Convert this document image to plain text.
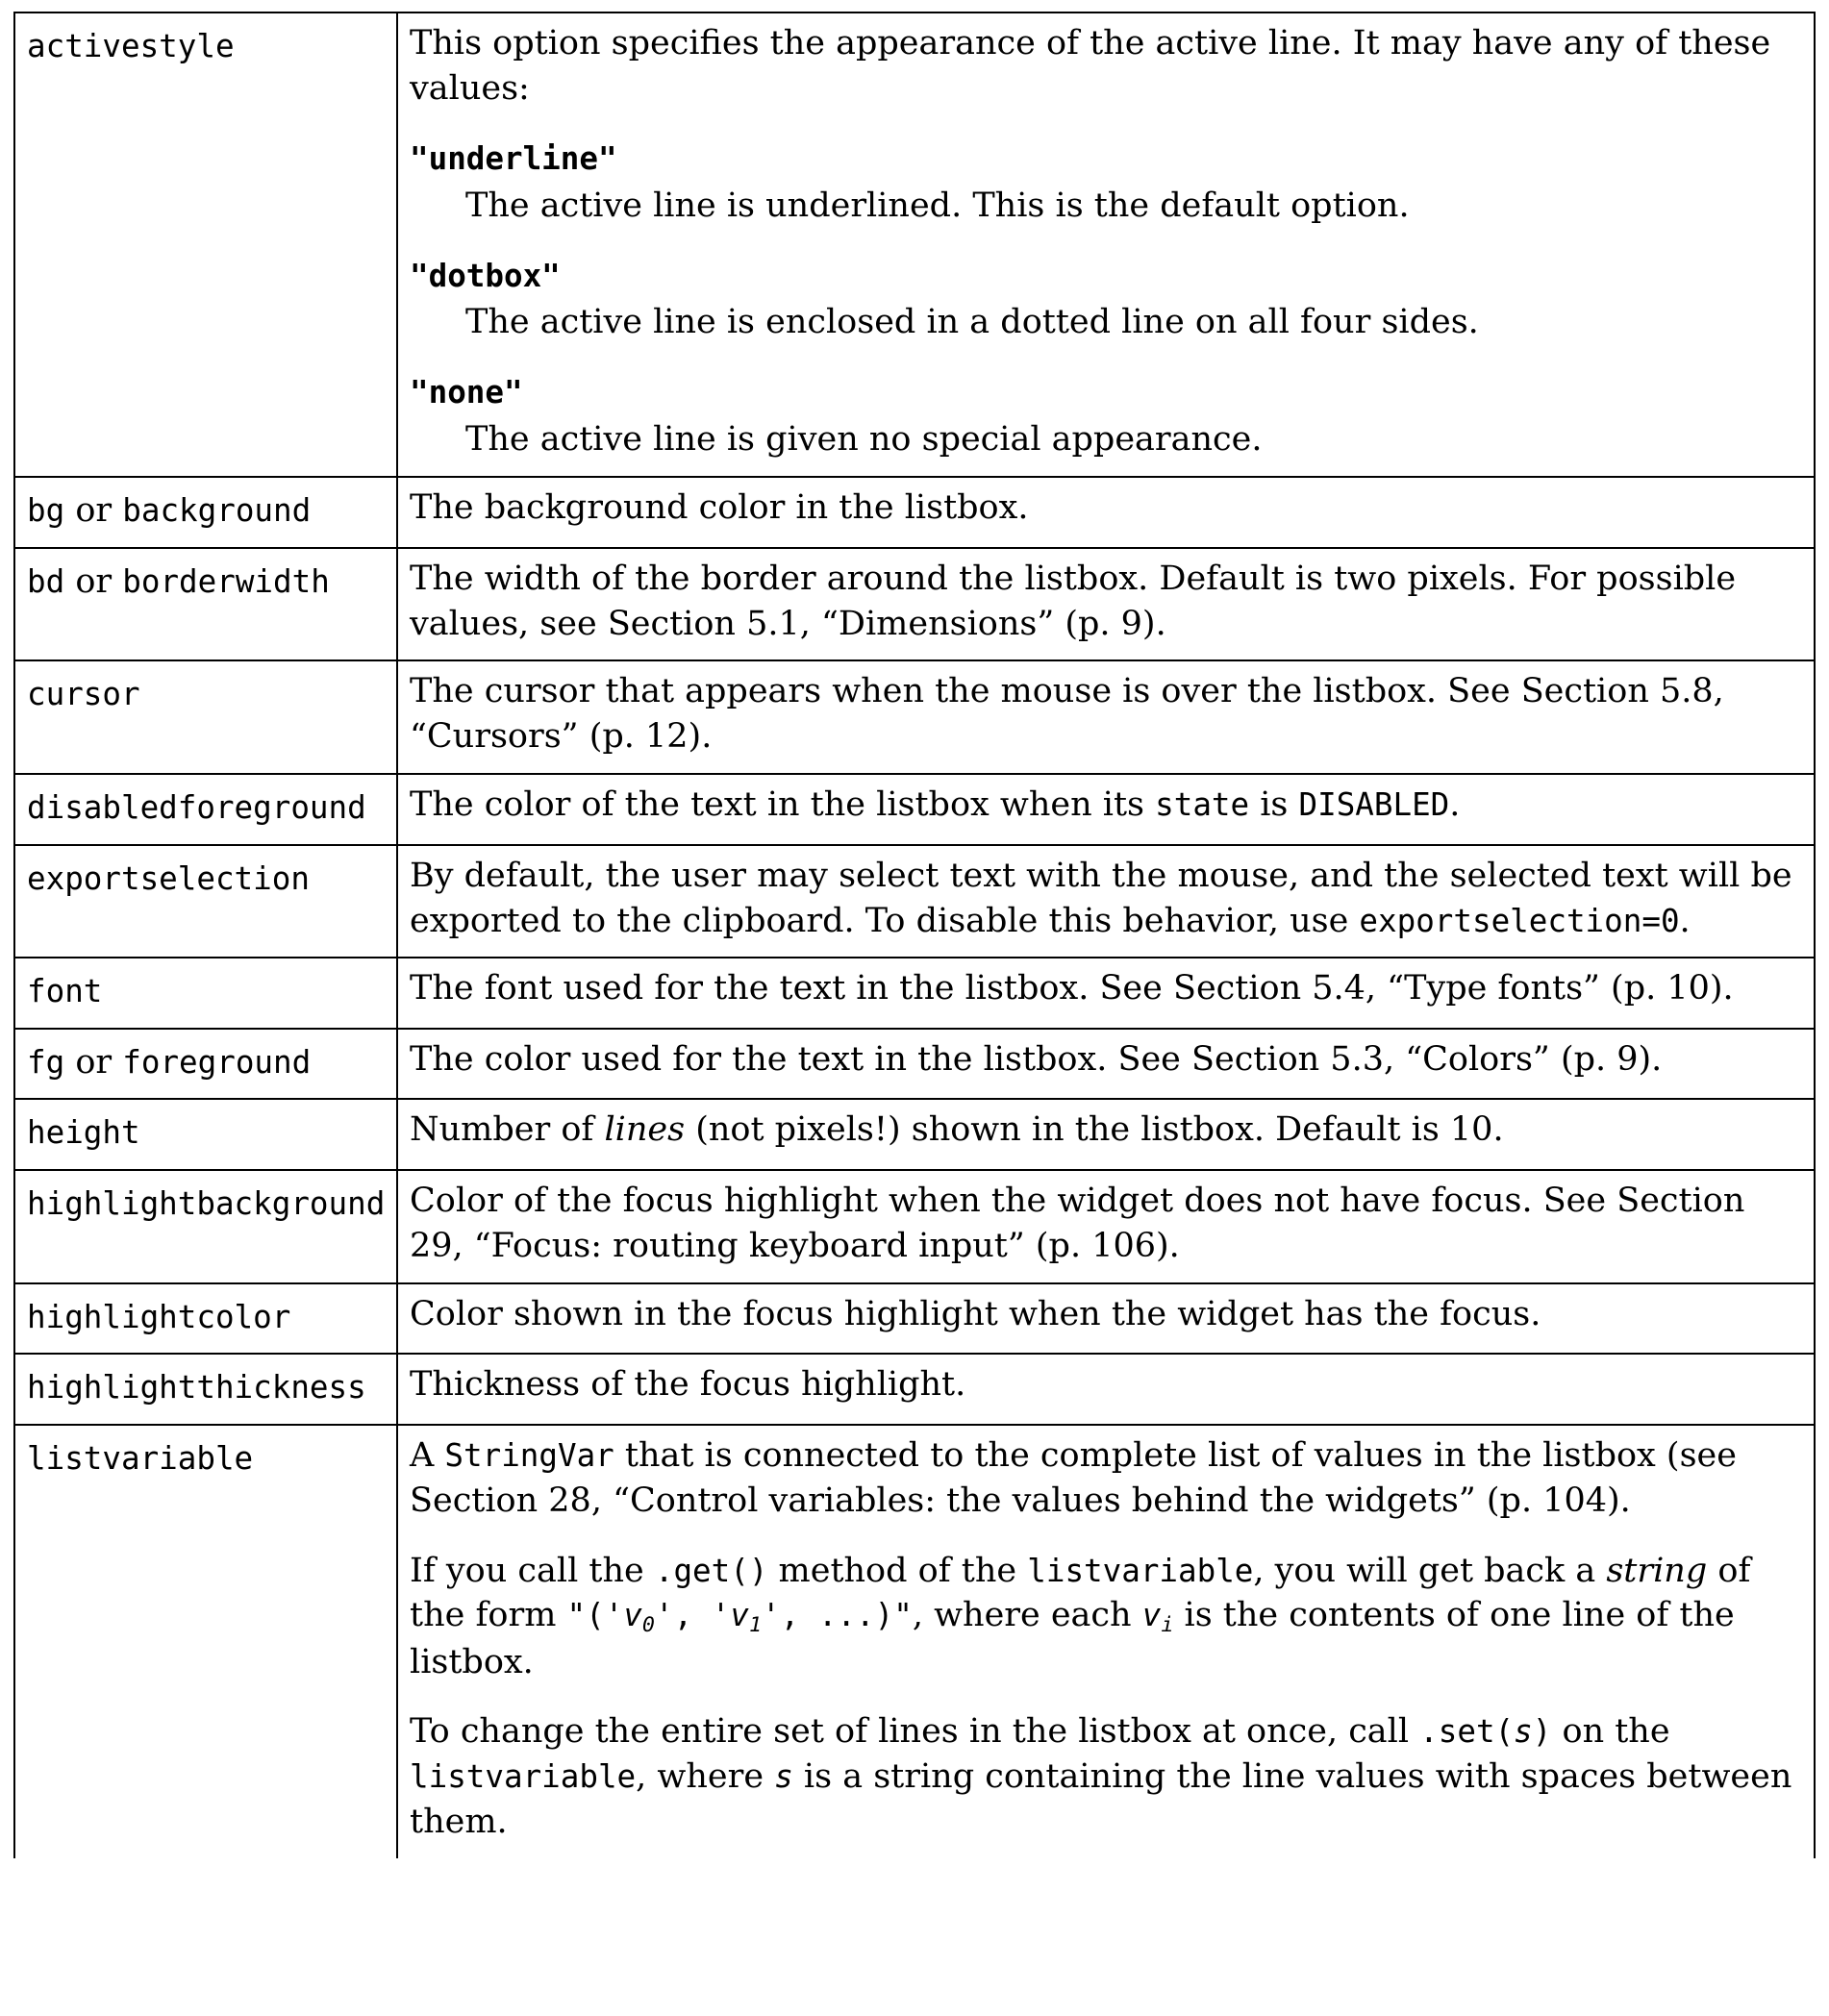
activestyle	This option specifies the appearance of the active line. It may have any of these values:
"underline"
The active line is underlined. This is the default option.
"dotbox"
The active line is enclosed in a dotted line on all four sides.
"none"
The active line is given no special appearance.

bg or background	The background color in the listbox.

bd or borderwidth	The width of the border around the listbox. Default is two pixels. For possible values, see Section 5.1, “Dimensions” (p. 9).

cursor	The cursor that appears when the mouse is over the listbox. See Section 5.8, “Cursors” (p. 12).

disabledforeground	The color of the text in the listbox when its state is DISABLED.

exportselection	By default, the user may select text with the mouse, and the selected text will be exported to the clipboard. To disable this behavior, use exportselection=0.

font	The font used for the text in the listbox. See Section 5.4, “Type fonts” (p. 10).

fg or foreground	The color used for the text in the listbox. See Section 5.3, “Colors” (p. 9).

height	Number of lines (not pixels!) shown in the listbox. Default is 10.

highlightbackground	Color of the focus highlight when the widget does not have focus. See Section 29, “Focus: routing keyboard input” (p. 106).

highlightcolor	Color shown in the focus highlight when the widget has the focus.

highlightthickness	Thickness of the focus highlight.

listvariable	A StringVar that is connected to the complete list of values in the listbox (see Section 28, “Control variables: the values behind the widgets” (p. 104).
If you call the .get() method of the listvariable, you will get back a string of the form "('v0', 'v1', ...)", where each vi is the contents of one line of the listbox.
To change the entire set of lines in the listbox at once, call .set(s) on the listvariable, where s is a string containing the line values with spaces between them.
